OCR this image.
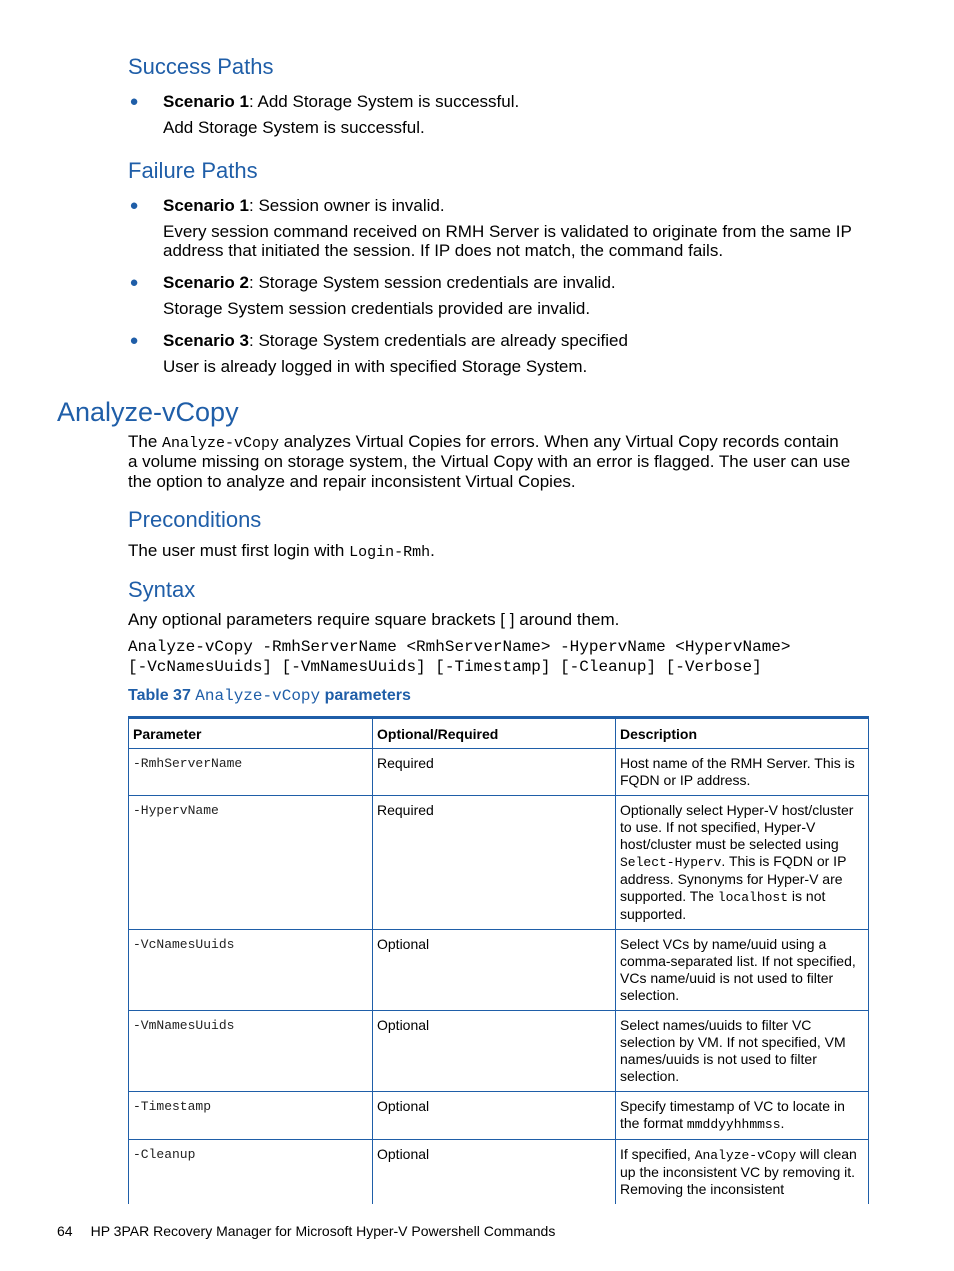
Success Paths
● Scenario 1: Add Storage System is successful.
Add Storage System is successful.
Failure Paths
● Scenario 1: Session owner is invalid.
Every session command received on RMH Server is validated to originate from the same IP
address that initiated the session. If IP does not match, the command fails.
● Scenario 2: Storage System session credentials are invalid.
Storage System session credentials provided are invalid.
● Scenario 3: Storage System credentials are already specified
User is already logged in with specified Storage System.
Analyze-vCopy
The Analyze-vCopy analyzes Virtual Copies for errors. When any Virtual Copy records contain
a volume missing on storage system, the Virtual Copy with an error is flagged. The user can use
the option to analyze and repair inconsistent Virtual Copies.
Preconditions
The user must first login with Login-Rmh.
Syntax
Any optional parameters require square brackets [ ] around them.
Analyze-vCopy -RmhServerName <RmhServerName> -HypervName <HypervName>
[-VcNamesUuids] [-VmNamesUuids] [-Timestamp] [-Cleanup] [-Verbose]
Table 37 Analyze-vCopy parameters
Parameter	Optional/Required	Description
-RmhServerName	Required	Host name of the RMH Server. This is FQDN or IP address.
-HypervName	Required	Optionally select Hyper-V host/cluster to use. If not specified, Hyper-V host/cluster must be selected using Select-Hyperv. This is FQDN or IP address. Synonyms for Hyper-V are supported. The localhost is not supported.
-VcNamesUuids	Optional	Select VCs by name/uuid using a comma-separated list. If not specified, VCs name/uuid is not used to filter selection.
-VmNamesUuids	Optional	Select names/uuids to filter VC selection by VM. If not specified, VM names/uuids is not used to filter selection.
-Timestamp	Optional	Specify timestamp of VC to locate in the format mmddyyhhmmss.
-Cleanup	Optional	If specified, Analyze-vCopy will clean up the inconsistent VC by removing it. Removing the inconsistent
64 HP 3PAR Recovery Manager for Microsoft Hyper-V Powershell Commands
